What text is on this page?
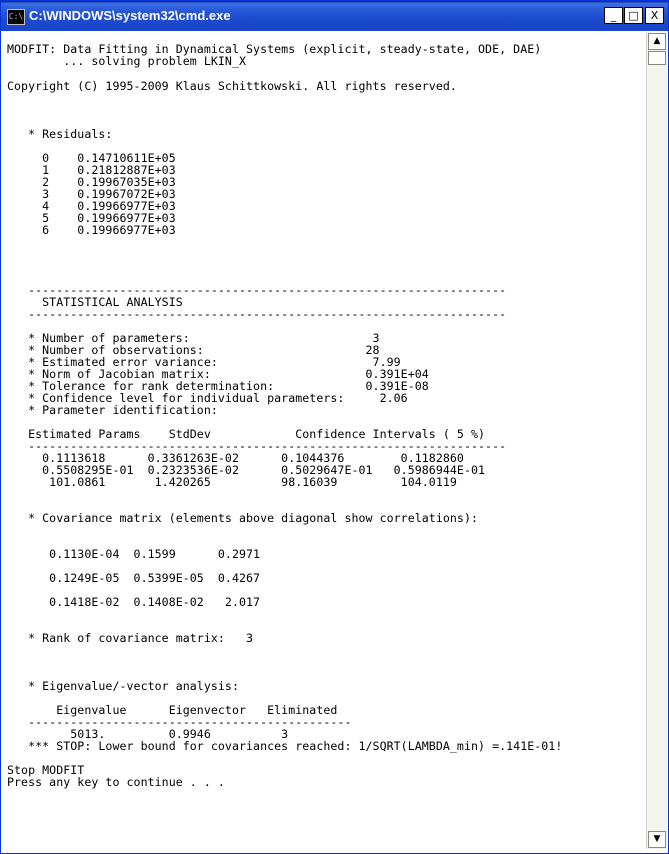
C:\ C:\WINDOWS\system32\cmd.exe	_	□	X
MODFIT: Data Fitting in Dynamical Systems (explicit, steady-state, ODE, DAE)
... solving problem LKIN_X
Copyright (C) 1995-2009 Klaus Schittkowski. All rights reserved.
* Residuals:
0    0.14710611E+05
1    0.21812887E+03
2    0.19967035E+03
3    0.19967072E+03
4    0.19966977E+03
5    0.19966977E+03
6    0.19966977E+03
--------------------------------------------------------------------
STATISTICAL ANALYSIS
--------------------------------------------------------------------
* Number of parameters:                          3
* Number of observations:                       28
* Estimated error variance:                      7.99
* Norm of Jacobian matrix:                      0.391E+04
* Tolerance for rank determination:             0.391E-08
* Confidence level for individual parameters:     2.06
* Parameter identification:
Estimated Params    StdDev            Confidence Intervals ( 5 %)
--------------------------------------------------------------------
0.1113618      0.3361263E-02      0.1044376        0.1182860
0.5508295E-01  0.2323536E-02      0.5029647E-01   0.5986944E-01
101.0861       1.420265          98.16039         104.0119
* Covariance matrix (elements above diagonal show correlations):
0.1130E-04  0.1599      0.2971
0.1249E-05  0.5399E-05  0.4267
0.1418E-02  0.1408E-02   2.017
* Rank of covariance matrix:   3
* Eigenvalue/-vector analysis:
Eigenvalue      Eigenvector   Eliminated
----------------------------------------------
5013.         0.9946          3
*** STOP: Lower bound for covariances reached: 1/SQRT(LAMBDA_min) =.141E-01!
Stop MODFIT
Press any key to continue . . .
▲
▼
